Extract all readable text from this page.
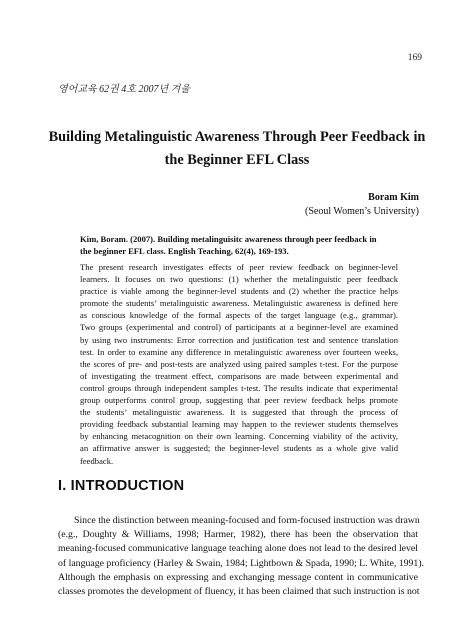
169
영어교육 62권 4호 2007년 겨울
Building Metalinguistic Awareness Through Peer Feedback in
the Beginner EFL Class
Boram Kim
(Seoul Women’s University)
Kim, Boram. (2007). Building metalinguisitc awareness through peer feedback in
the beginner EFL class. English Teaching, 62(4), 169-193.
The present research investigates effects of peer review feedback on beginner-level
learners. It focuses on two questions: (1) whether the metalinguistic peer feedback
practice is viable among the beginner-level students and (2) whether the practice helps
promote the students’ metalinguistic awareness. Metalinguistic awareness is defined here
as conscious knowledge of the formal aspects of the target language (e.g., grammar).
Two groups (experimental and control) of participants at a beginner-level are examined
by using two instruments: Error correction and justification test and sentence translation
test. In order to examine any difference in metalinguistic awareness over fourteen weeks,
the scores of pre- and post-tests are analyzed using paired samples t-test. For the purpose
of investigating the treatment effect, comparisons are made between experimental and
control groups through independent samples t-test. The results indicate that experimental
group outperforms control group, suggesting that peer review feedback helps promote
the students’ metalinguistic awareness. It is suggested that through the process of
providing feedback substantial learning may happen to the reviewer students themselves
by enhancing metacognition on their own learning. Concerning viability of the activity,
an affirmative answer is suggested; the beginner-level students as a whole give valid
feedback.
I. INTRODUCTION
Since the distinction between meaning-focused and form-focused instruction was drawn
(e.g., Doughty & Williams, 1998; Harmer, 1982), there has been the observation that
meaning-focused communicative language teaching alone does not lead to the desired level
of language proficiency (Harley & Swain, 1984; Lightbown & Spada, 1990; L. White, 1991).
Although the emphasis on expressing and exchanging message content in communicative
classes promotes the development of fluency, it has been claimed that such instruction is not
